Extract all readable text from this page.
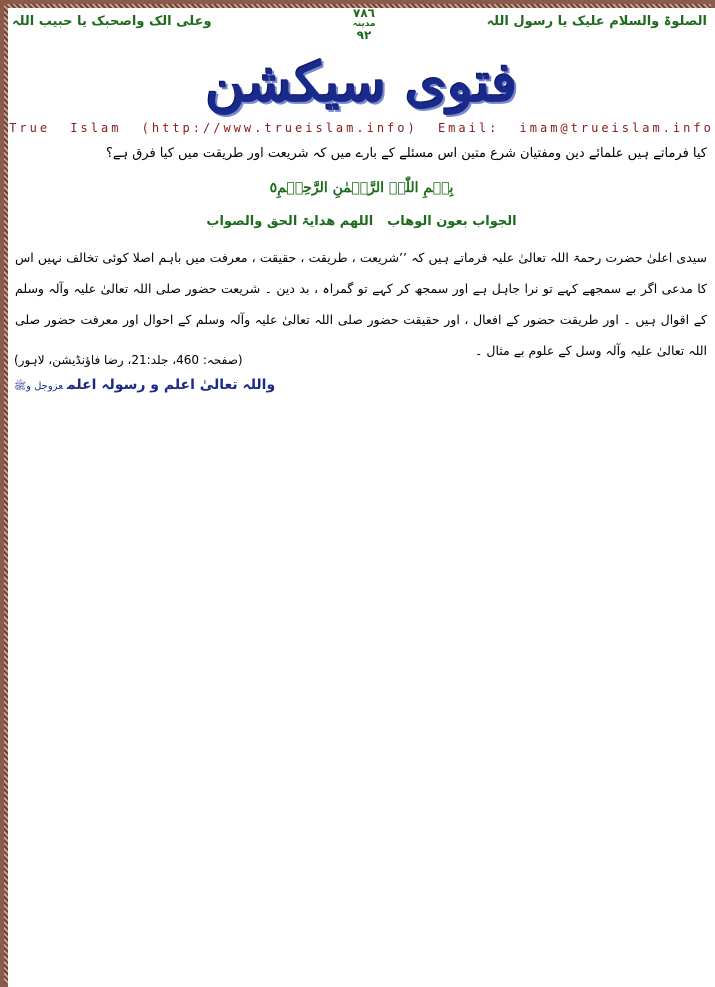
الصلوۃ والسلام علیک یا رسول اللہ
٧٨٦
مدینہ
٩٢
وعلی الک واصحبک یا حبیب اللہ
فتوی سیکشن
True Islam (http://www.trueislam.info) Email: imam@trueislam.info
کیا فرماتے ہیں علمائے دین ومفتیان شرع متین اس مسئلے کے بارے میں کہ شریعت اور طریقت میں کیا فرق ہے؟
بِسۡمِ اللّٰہِ الرَّحۡمٰنِ الرَّحِیۡمِ٥
الجواب بعون الوھاباللھم ھدایۃ الحق والصواب
سیدی اعلیٰ حضرت رحمۃ اللہ تعالیٰ علیہ فرماتے ہیں کہ ’’شریعت ، طریقت ، حقیقت ، معرفت میں باہم اصلا کوئی تخالف نہیں اس کا مدعی اگر بے سمجھے کہے تو نرا جاہل ہے اور سمجھ کر کہے تو گمراہ ، بد دین ۔ شریعت حضور صلی اللہ تعالیٰ علیہ وآلہ وسلم کے اقوال ہیں ۔ اور طریقت حضور کے افعال ، اور حقیقت حضور صلی اللہ تعالیٰ علیہ وآلہ وسلم کے احوال اور معرفت حضور صلی اللہ تعالیٰ علیہ وآلہ وسل کے علوم بے مثال ۔
(صفحہ: 460، جلد:21، رضا فاؤنڈیشن، لاہور)
واللہ تعالیٰ اعلم و رسولہ اعلمعزوجل وﷺ
